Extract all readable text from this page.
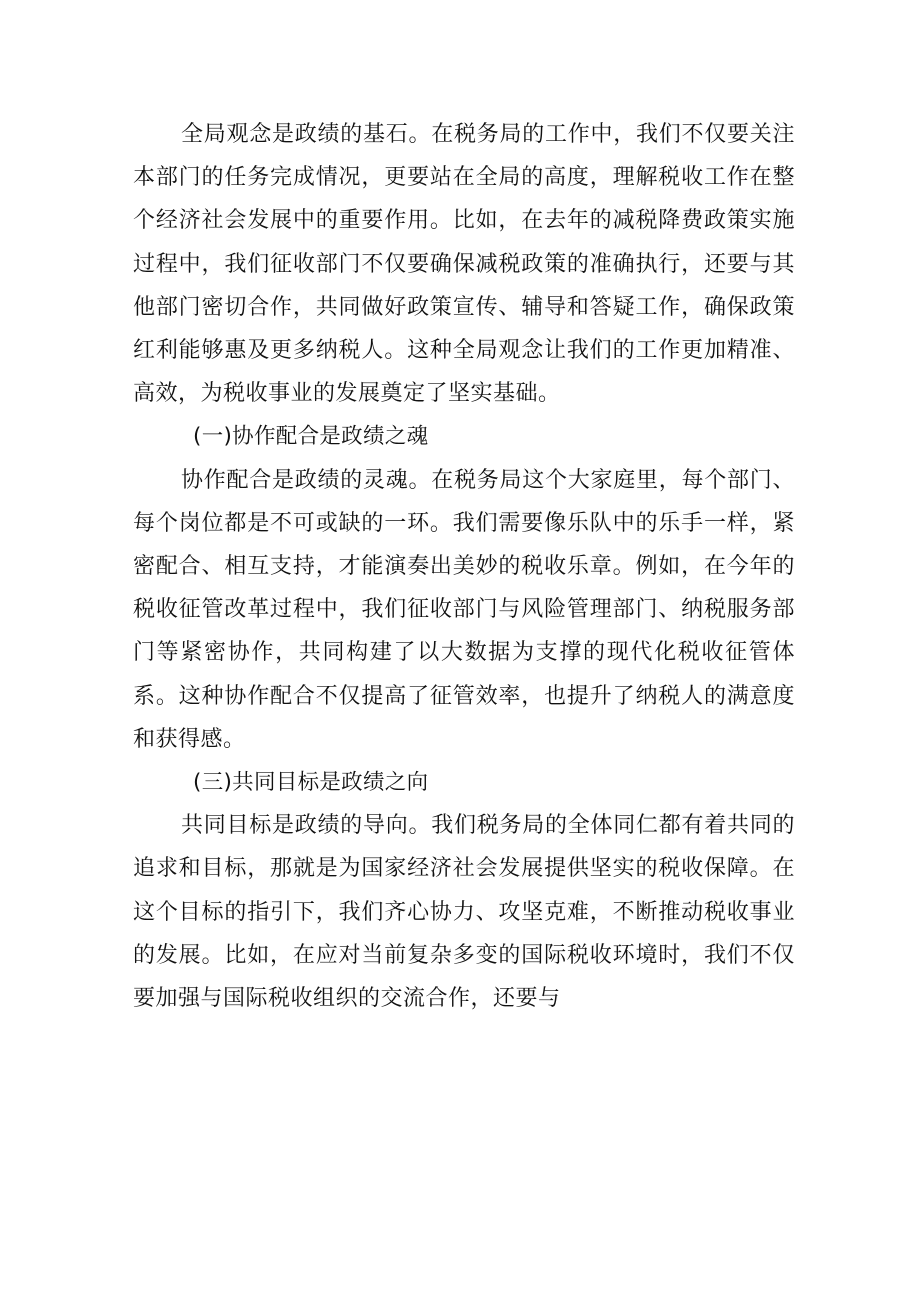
全局观念是政绩的基石。在税务局的工作中，我们不仅要关注本部门的任务完成情况，更要站在全局的高度，理解税收工作在整个经济社会发展中的重要作用。比如，在去年的减税降费政策实施过程中，我们征收部门不仅要确保减税政策的准确执行，还要与其他部门密切合作，共同做好政策宣传、辅导和答疑工作，确保政策红利能够惠及更多纳税人。这种全局观念让我们的工作更加精准、高效，为税收事业的发展奠定了坚实基础。

(一)协作配合是政绩之魂

协作配合是政绩的灵魂。在税务局这个大家庭里，每个部门、每个岗位都是不可或缺的一环。我们需要像乐队中的乐手一样，紧密配合、相互支持，才能演奏出美妙的税收乐章。例如，在今年的税收征管改革过程中，我们征收部门与风险管理部门、纳税服务部门等紧密协作，共同构建了以大数据为支撑的现代化税收征管体系。这种协作配合不仅提高了征管效率，也提升了纳税人的满意度和获得感。

(三)共同目标是政绩之向

共同目标是政绩的导向。我们税务局的全体同仁都有着共同的追求和目标，那就是为国家经济社会发展提供坚实的税收保障。在这个目标的指引下，我们齐心协力、攻坚克难，不断推动税收事业的发展。比如，在应对当前复杂多变的国际税收环境时，我们不仅要加强与国际税收组织的交流合作，还要与
